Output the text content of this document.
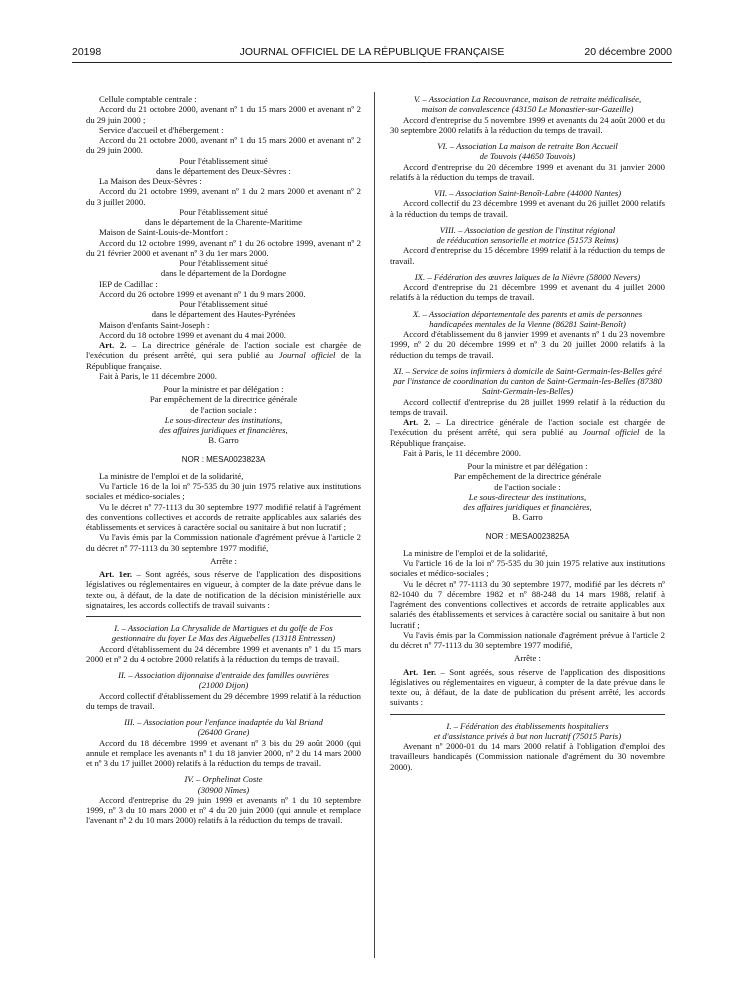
20198	JOURNAL OFFICIEL DE LA RÉPUBLIQUE FRANÇAISE	20 décembre 2000

Cellule comptable centrale :

Accord du 21 octobre 2000, avenant nº 1 du 15 mars 2000 et avenant nº 2 du 29 juin 2000 ;

Service d'accueil et d'hébergement :

Accord du 21 octobre 2000, avenant nº 1 du 15 mars 2000 et avenant nº 2 du 29 juin 2000.

Pour l'établissement situé

dans le département des Deux-Sèvres :

La Maison des Deux-Sèvres :

Accord du 21 octobre 1999, avenant nº 1 du 2 mars 2000 et avenant nº 2 du 3 juillet 2000.

Pour l'établissement situé

dans le département de la Charente-Maritime

Maison de Saint-Louis-de-Montfort :

Accord du 12 octobre 1999, avenant nº 1 du 26 octobre 1999, avenant nº 2 du 21 février 2000 et avenant nº 3 du 1er mars 2000.

Pour l'établissement situé

dans le département de la Dordogne

IEP de Cadillac :

Accord du 26 octobre 1999 et avenant nº 1 du 9 mars 2000.

Pour l'établissement situé

dans le département des Hautes-Pyrénées

Maison d'enfants Saint-Joseph :

Accord du 18 octobre 1999 et avenant du 4 mai 2000.

Art. 2. – La directrice générale de l'action sociale est chargée de l'exécution du présent arrêté, qui sera publié au Journal officiel de la République française.

Fait à Paris, le 11 décembre 2000.

Pour la ministre et par délégation :

Par empêchement de la directrice générale

de l'action sociale :

Le sous-directeur des institutions,

des affaires juridiques et financières,

B. Garro

NOR : MESA0023823A

La ministre de l'emploi et de la solidarité,

Vu l'article 16 de la loi nº 75-535 du 30 juin 1975 relative aux institutions sociales et médico-sociales ;

Vu le décret nº 77-1113 du 30 septembre 1977 modifié relatif à l'agrément des conventions collectives et accords de retraite applicables aux salariés des établissements et services à caractère social ou sanitaire à but non lucratif ;

Vu l'avis émis par la Commission nationale d'agrément prévue à l'article 2 du décret nº 77-1113 du 30 septembre 1977 modifié,

Arrête :

Art. 1er. – Sont agréés, sous réserve de l'application des dispositions législatives ou réglementaires en vigueur, à compter de la date prévue dans le texte ou, à défaut, de la date de notification de la décision ministérielle aux signataires, les accords collectifs de travail suivants :

I. – Association La Chrysalide de Martigues et du golfe de Fos

gestionnaire du foyer Le Mas des Aiguebelles (13118 Entressen)

Accord d'établissement du 24 décembre 1999 et avenants nº 1 du 15 mars 2000 et nº 2 du 4 octobre 2000 relatifs à la réduction du temps de travail.

II. – Association dijonnaise d'entraide des familles ouvrières

(21000 Dijon)

Accord collectif d'établissement du 29 décembre 1999 relatif à la réduction du temps de travail.

III. – Association pour l'enfance inadaptée du Val Briand

(26400 Grane)

Accord du 18 décembre 1999 et avenant nº 3 bis du 29 août 2000 (qui annule et remplace les avenants nº 1 du 18 janvier 2000, nº 2 du 14 mars 2000 et nº 3 du 17 juillet 2000) relatifs à la réduction du temps de travail.

IV. – Orphelinat Coste

(30900 Nîmes)

Accord d'entreprise du 29 juin 1999 et avenants nº 1 du 10 septembre 1999, nº 3 du 10 mars 2000 et nº 4 du 20 juin 2000 (qui annule et remplace l'avenant nº 2 du 10 mars 2000) relatifs à la réduction du temps de travail.

V. – Association La Recouvrance, maison de retraite médicalisée,

maison de convalescence (43150 Le Monastier-sur-Gazeille)

Accord d'entreprise du 5 novembre 1999 et avenants du 24 août 2000 et du 30 septembre 2000 relatifs à la réduction du temps de travail.

VI. – Association La maison de retraite Bon Accueil

de Touvois (44650 Touvois)

Accord d'entreprise du 20 décembre 1999 et avenant du 31 janvier 2000 relatifs à la réduction du temps de travail.

VII. – Association Saint-Benoît-Labre (44000 Nantes)

Accord collectif du 23 décembre 1999 et avenant du 26 juillet 2000 relatifs à la réduction du temps de travail.

VIII. – Association de gestion de l'institut régional

de rééducation sensorielle et motrice (51573 Reims)

Accord d'entreprise du 15 décembre 1999 relatif à la réduction du temps de travail.

IX. – Fédération des œuvres laïques de la Nièvre (58000 Nevers)

Accord d'entreprise du 21 décembre 1999 et avenant du 4 juillet 2000 relatifs à la réduction du temps de travail.

X. – Association départementale des parents et amis de personnes

handicapées mentales de la Vienne (86281 Saint-Benoît)

Accord d'établissement du 8 janvier 1999 et avenants nº 1 du 23 novembre 1999, nº 2 du 20 décembre 1999 et nº 3 du 20 juillet 2000 relatifs à la réduction du temps de travail.

XI. – Service de soins infirmiers à domicile de Saint-Germain-les-Belles géré par l'instance de coordination du canton de Saint-Germain-les-Belles (87380 Saint-Germain-les-Belles)

Accord collectif d'entreprise du 28 juillet 1999 relatif à la réduction du temps de travail.

Art. 2. – La directrice générale de l'action sociale est chargée de l'exécution du présent arrêté, qui sera publié au Journal officiel de la République française.

Fait à Paris, le 11 décembre 2000.

Pour la ministre et par délégation :

Par empêchement de la directrice générale

de l'action sociale :

Le sous-directeur des institutions,

des affaires juridiques et financières,

B. Garro

NOR : MESA0023825A

La ministre de l'emploi et de la solidarité,

Vu l'article 16 de la loi nº 75-535 du 30 juin 1975 relative aux institutions sociales et médico-sociales ;

Vu le décret nº 77-1113 du 30 septembre 1977, modifié par les décrets nº 82-1040 du 7 décembre 1982 et nº 88-248 du 14 mars 1988, relatif à l'agrément des conventions collectives et accords de retraite applicables aux salariés des établissements et services à caractère social ou sanitaire à but non lucratif ;

Vu l'avis émis par la Commission nationale d'agrément prévue à l'article 2 du décret nº 77-1113 du 30 septembre 1977 modifié,

Arrête :

Art. 1er. – Sont agréés, sous réserve de l'application des dispositions législatives ou réglementaires en vigueur, à compter de la date prévue dans le texte ou, à défaut, de la date de publication du présent arrêté, les accords suivants :

I. – Fédération des établissements hospitaliers

et d'assistance privés à but non lucratif (75015 Paris)

Avenant nº 2000-01 du 14 mars 2000 relatif à l'obligation d'emploi des travailleurs handicapés (Commission nationale d'agrément du 30 novembre 2000).
